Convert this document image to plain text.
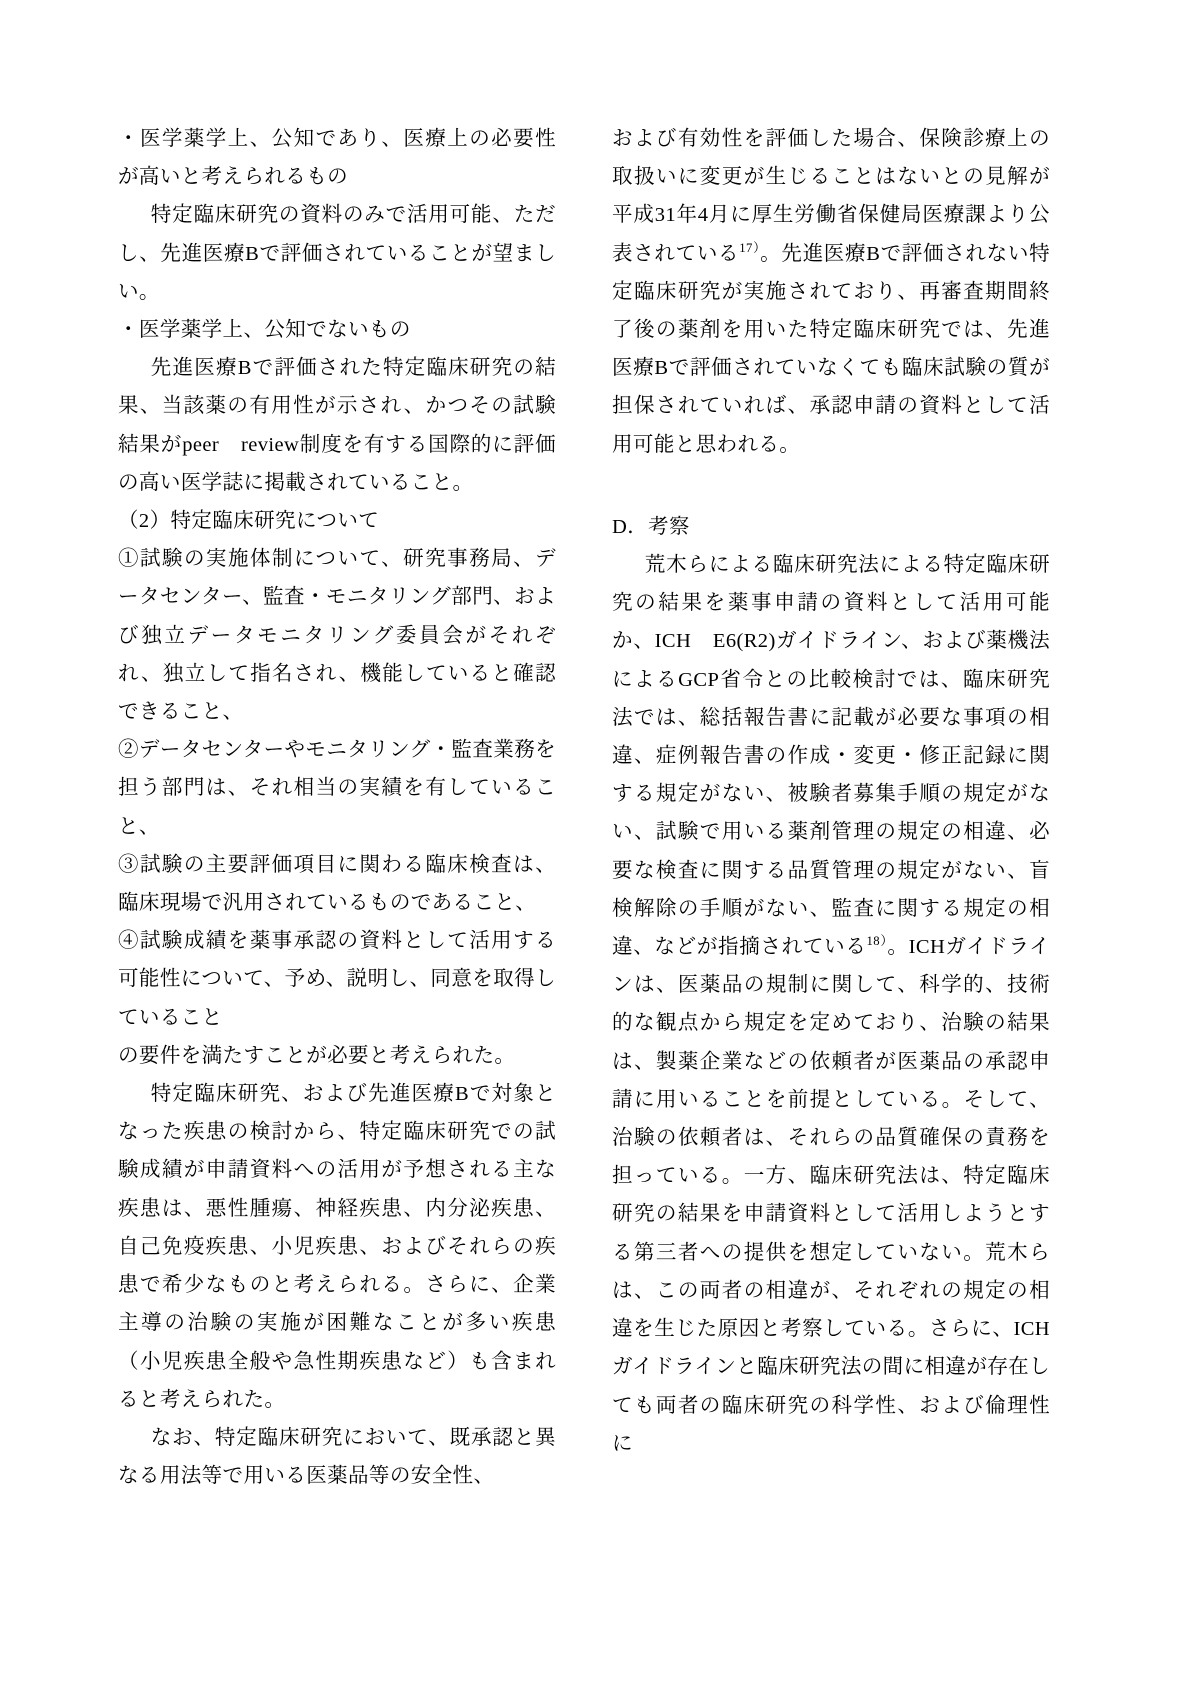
・医学薬学上、公知であり、医療上の必要性が高いと考えられるもの

特定臨床研究の資料のみで活用可能、ただし、先進医療Bで評価されていることが望ましい。

・医学薬学上、公知でないもの

先進医療Bで評価された特定臨床研究の結果、当該薬の有用性が示され、かつその試験結果がpeer　review制度を有する国際的に評価の高い医学誌に掲載されていること。

（2）特定臨床研究について

①試験の実施体制について、研究事務局、データセンター、監査・モニタリング部門、および独立データモニタリング委員会がそれぞれ、独立して指名され、機能していると確認できること、

②データセンターやモニタリング・監査業務を担う部門は、それ相当の実績を有していること、

③試験の主要評価項目に関わる臨床検査は、臨床現場で汎用されているものであること、

④試験成績を薬事承認の資料として活用する可能性について、予め、説明し、同意を取得していること

の要件を満たすことが必要と考えられた。

特定臨床研究、および先進医療Bで対象となった疾患の検討から、特定臨床研究での試験成績が申請資料への活用が予想される主な疾患は、悪性腫瘍、神経疾患、内分泌疾患、自己免疫疾患、小児疾患、およびそれらの疾患で希少なものと考えられる。さらに、企業主導の治験の実施が困難なことが多い疾患（小児疾患全般や急性期疾患など）も含まれると考えられた。

なお、特定臨床研究において、既承認と異なる用法等で用いる医薬品等の安全性、

および有効性を評価した場合、保険診療上の取扱いに変更が生じることはないとの見解が平成31年4月に厚生労働省保健局医療課より公表されている$^{17)}$。先進医療Bで評価されない特定臨床研究が実施されており、再審査期間終了後の薬剤を用いた特定臨床研究では、先進医療Bで評価されていなくても臨床試験の質が担保されていれば、承認申請の資料として活用可能と思われる。

D．考察

荒木らによる臨床研究法による特定臨床研究の結果を薬事申請の資料として活用可能か、ICH　E6(R2)ガイドライン、および薬機法によるGCP省令との比較検討では、臨床研究法では、総括報告書に記載が必要な事項の相違、症例報告書の作成・変更・修正記録に関する規定がない、被験者募集手順の規定がない、試験で用いる薬剤管理の規定の相違、必要な検査に関する品質管理の規定がない、盲検解除の手順がない、監査に関する規定の相違、などが指摘されている$^{18)}$。ICHガイドラインは、医薬品の規制に関して、科学的、技術的な観点から規定を定めており、治験の結果は、製薬企業などの依頼者が医薬品の承認申請に用いることを前提としている。そして、治験の依頼者は、それらの品質確保の責務を担っている。一方、臨床研究法は、特定臨床研究の結果を申請資料として活用しようとする第三者への提供を想定していない。荒木らは、この両者の相違が、それぞれの規定の相違を生じた原因と考察している。さらに、ICHガイドラインと臨床研究法の間に相違が存在しても両者の臨床研究の科学性、および倫理性に
